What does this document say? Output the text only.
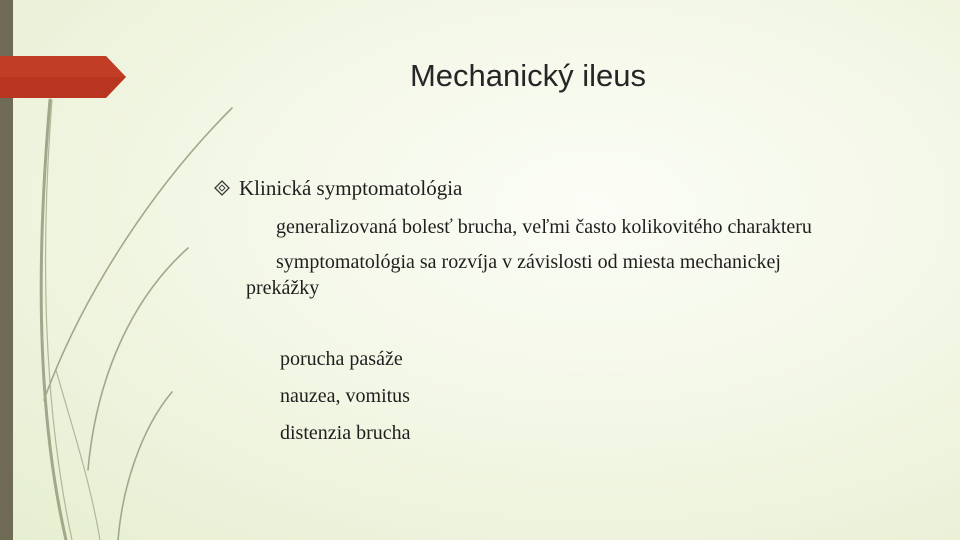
Mechanický ileus
Klinická symptomatológia
generalizovaná bolesť brucha, veľmi často kolikovitého charakteru
symptomatológia sa rozvíja v závislosti od miesta mechanickej
prekážky
porucha pasáže
nauzea, vomitus
distenzia brucha
